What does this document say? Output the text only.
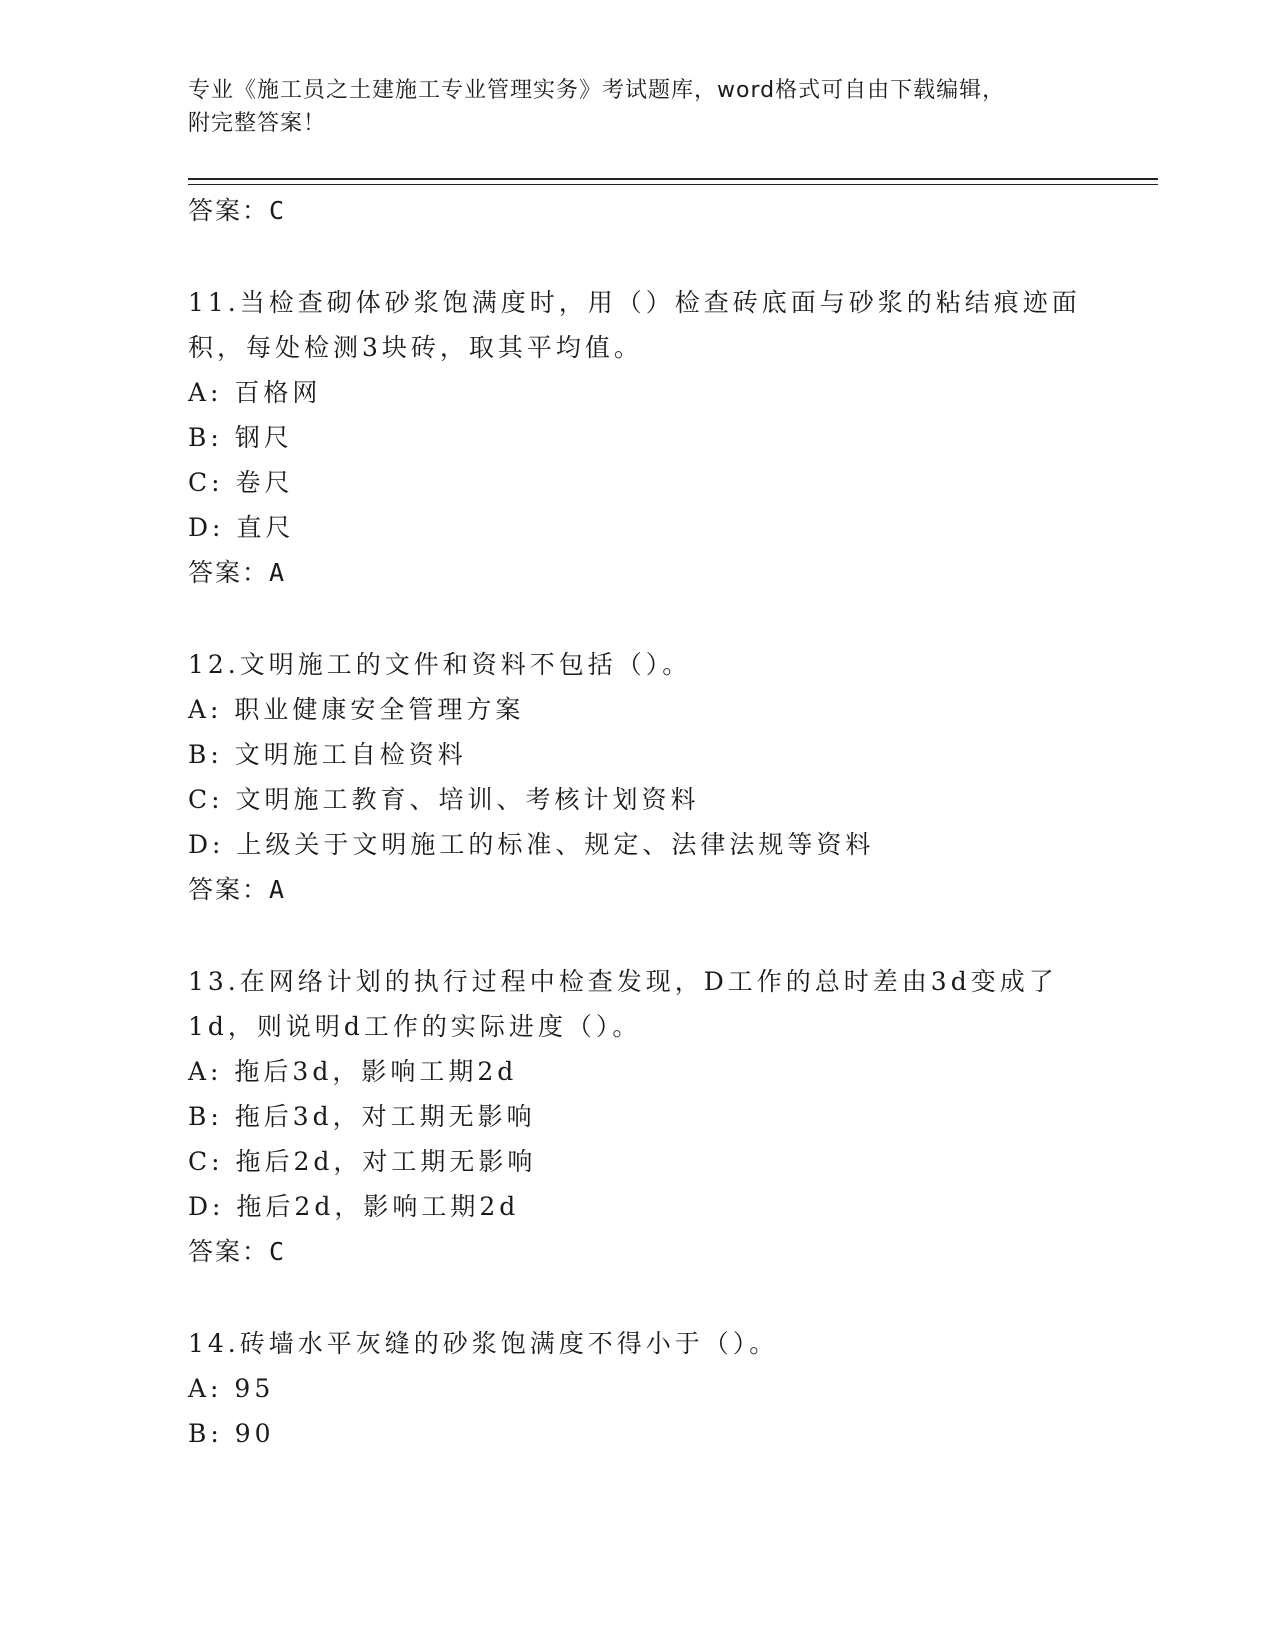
专业《施工员之土建施工专业管理实务》考试题库，word格式可自由下载编辑，
附完整答案！
答案：C
11.当检查砌体砂浆饱满度时，用（）检查砖底面与砂浆的粘结痕迹面
积，每处检测3块砖，取其平均值。
A: 百格网
B: 钢尺
C: 卷尺
D: 直尺
答案：A
12.文明施工的文件和资料不包括（）。
A: 职业健康安全管理方案
B: 文明施工自检资料
C: 文明施工教育、培训、考核计划资料
D: 上级关于文明施工的标准、规定、法律法规等资料
答案：A
13.在网络计划的执行过程中检查发现，D工作的总时差由3d变成了
1d，则说明d工作的实际进度（）。
A: 拖后3d，影响工期2d
B: 拖后3d，对工期无影响
C: 拖后2d，对工期无影响
D: 拖后2d，影响工期2d
答案：C
14.砖墙水平灰缝的砂浆饱满度不得小于（）。
A: 95
B: 90
